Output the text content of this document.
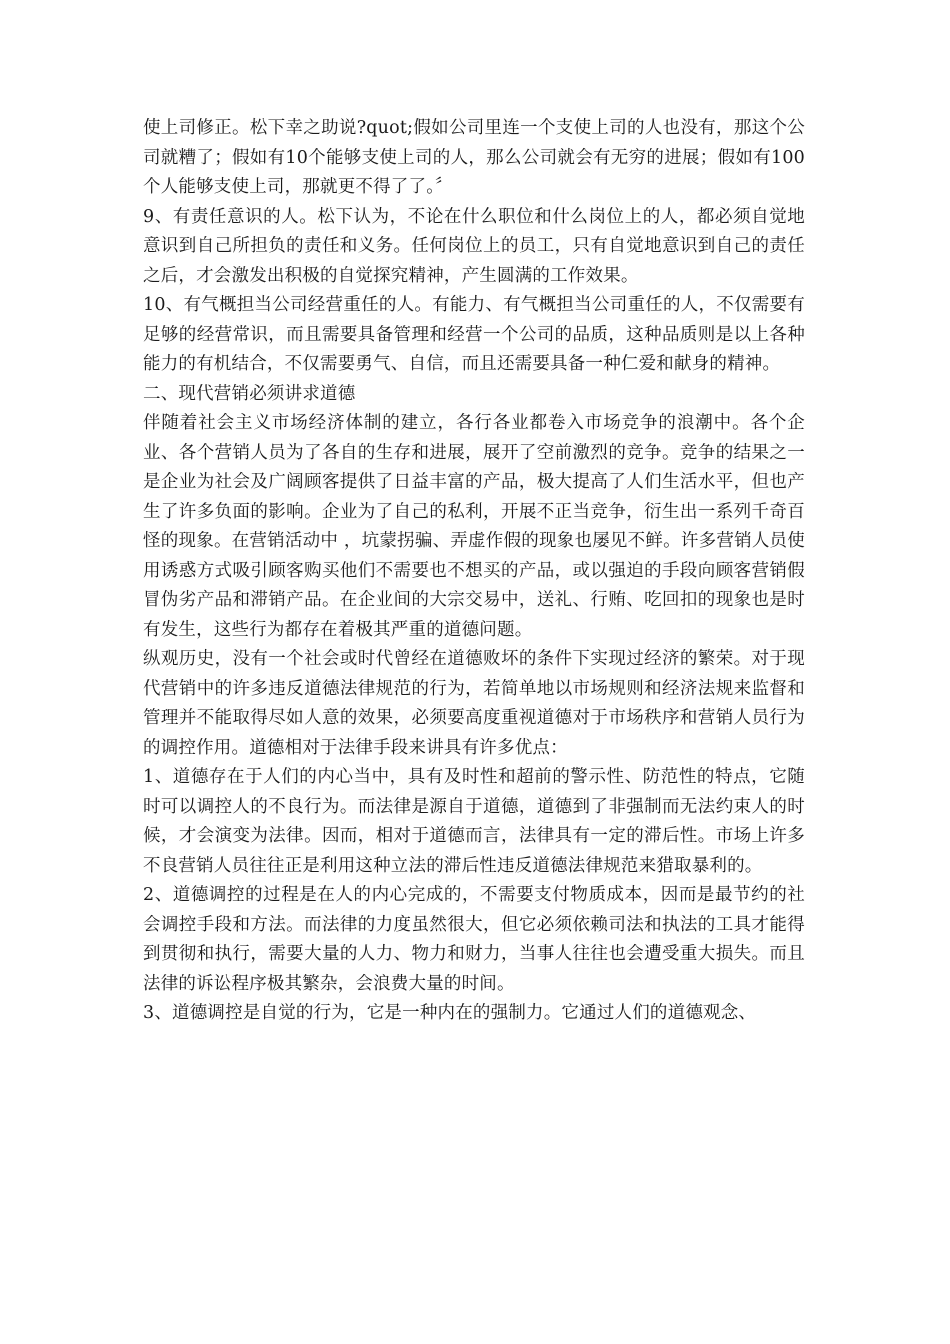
使上司修正。松下幸之助说?quot;假如公司里连一个支使上司的人也没有，那这个公司就糟了；假如有10个能够支使上司的人，那么公司就会有无穷的进展；假如有100个人能够支使上司，那就更不得了了。〞

9、有责任意识的人。松下认为，不论在什么职位和什么岗位上的人，都必须自觉地意识到自己所担负的责任和义务。任何岗位上的员工，只有自觉地意识到自己的责任之后，才会激发出积极的自觉探究精神，产生圆满的工作效果。

10、有气概担当公司经营重任的人。有能力、有气概担当公司重任的人，不仅需要有足够的经营常识，而且需要具备管理和经营一个公司的品质，这种品质则是以上各种能力的有机结合，不仅需要勇气、自信，而且还需要具备一种仁爱和献身的精神。

二、现代营销必须讲求道德

伴随着社会主义市场经济体制的建立，各行各业都卷入市场竞争的浪潮中。各个企业、各个营销人员为了各自的生存和进展，展开了空前激烈的竞争。竞争的结果之一是企业为社会及广阔顾客提供了日益丰富的产品，极大提高了人们生活水平，但也产生了许多负面的影响。企业为了自己的私利，开展不正当竞争，衍生出一系列千奇百怪的现象。在营销活动中 ，坑蒙拐骗、弄虚作假的现象也屡见不鲜。许多营销人员使用诱惑方式吸引顾客购买他们不需要也不想买的产品，或以强迫的手段向顾客营销假冒伪劣产品和滞销产品。在企业间的大宗交易中，送礼、行贿、吃回扣的现象也是时有发生，这些行为都存在着极其严重的道德问题。

纵观历史，没有一个社会或时代曾经在道德败坏的条件下实现过经济的繁荣。对于现代营销中的许多违反道德法律规范的行为，若简单地以市场规则和经济法规来监督和管理并不能取得尽如人意的效果，必须要高度重视道德对于市场秩序和营销人员行为的调控作用。道德相对于法律手段来讲具有许多优点：

1、道德存在于人们的内心当中，具有及时性和超前的警示性、防范性的特点，它随时可以调控人的不良行为。而法律是源自于道德，道德到了非强制而无法约束人的时候，才会演变为法律。因而，相对于道德而言，法律具有一定的滞后性。市场上许多不良营销人员往往正是利用这种立法的滞后性违反道德法律规范来猎取暴利的。

2、道德调控的过程是在人的内心完成的，不需要支付物质成本，因而是最节约的社会调控手段和方法。而法律的力度虽然很大，但它必须依赖司法和执法的工具才能得到贯彻和执行，需要大量的人力、物力和财力，当事人往往也会遭受重大损失。而且法律的诉讼程序极其繁杂，会浪费大量的时间。

3、道德调控是自觉的行为，它是一种内在的强制力。它通过人们的道德观念、
